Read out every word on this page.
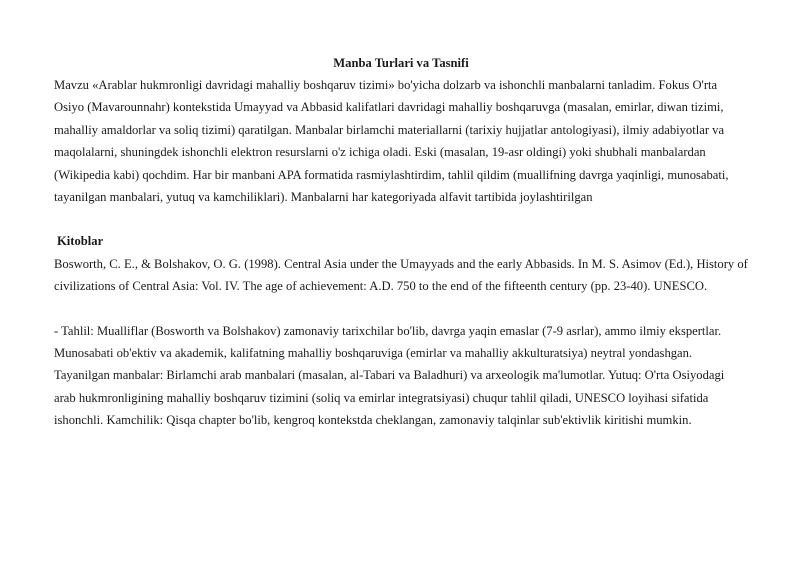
Manba Turlari va Tasnifi

Mavzu «Arablar hukmronligi davridagi mahalliy boshqaruv tizimi» bo'yicha dolzarb va ishonchli manbalarni tanladim. Fokus O'rta Osiyo (Mavarounnahr) kontekstida Umayyad va Abbasid kalifatlari davridagi mahalliy boshqaruvga (masalan, emirlar, diwan tizimi, mahalliy amaldorlar va soliq tizimi) qaratilgan. Manbalar birlamchi materiallarni (tarixiy hujjatlar antologiyasi), ilmiy adabiyotlar va maqolalarni, shuningdek ishonchli elektron resurslarni o'z ichiga oladi. Eski (masalan, 19-asr oldingi) yoki shubhali manbalardan (Wikipedia kabi) qochdim. Har bir manbani APA formatida rasmiylashtirdim, tahlil qildim (muallifning davrga yaqinligi, munosabati, tayanilgan manbalari, yutuq va kamchiliklari). Manbalarni har kategoriyada alfavit tartibida joylashtirilgan

Kitoblar

Bosworth, C. E., & Bolshakov, O. G. (1998). Central Asia under the Umayyads and the early Abbasids. In M. S. Asimov (Ed.), History of civilizations of Central Asia: Vol. IV. The age of achievement: A.D. 750 to the end of the fifteenth century (pp. 23-40). UNESCO.

- Tahlil: Mualliflar (Bosworth va Bolshakov) zamonaviy tarixchilar bo'lib, davrga yaqin emaslar (7-9 asrlar), ammo ilmiy ekspertlar. Munosabati ob'ektiv va akademik, kalifatning mahalliy boshqaruviga (emirlar va mahalliy akkulturatsiya) neytral yondashgan. Tayanilgan manbalar: Birlamchi arab manbalari (masalan, al-Tabari va Baladhuri) va arxeologik ma'lumotlar. Yutuq: O'rta Osiyodagi arab hukmronligining mahalliy boshqaruv tizimini (soliq va emirlar integratsiyasi) chuqur tahlil qiladi, UNESCO loyihasi sifatida ishonchli. Kamchilik: Qisqa chapter bo'lib, kengroq kontekstda cheklangan, zamonaviy talqinlar sub'ektivlik kiritishi mumkin.
